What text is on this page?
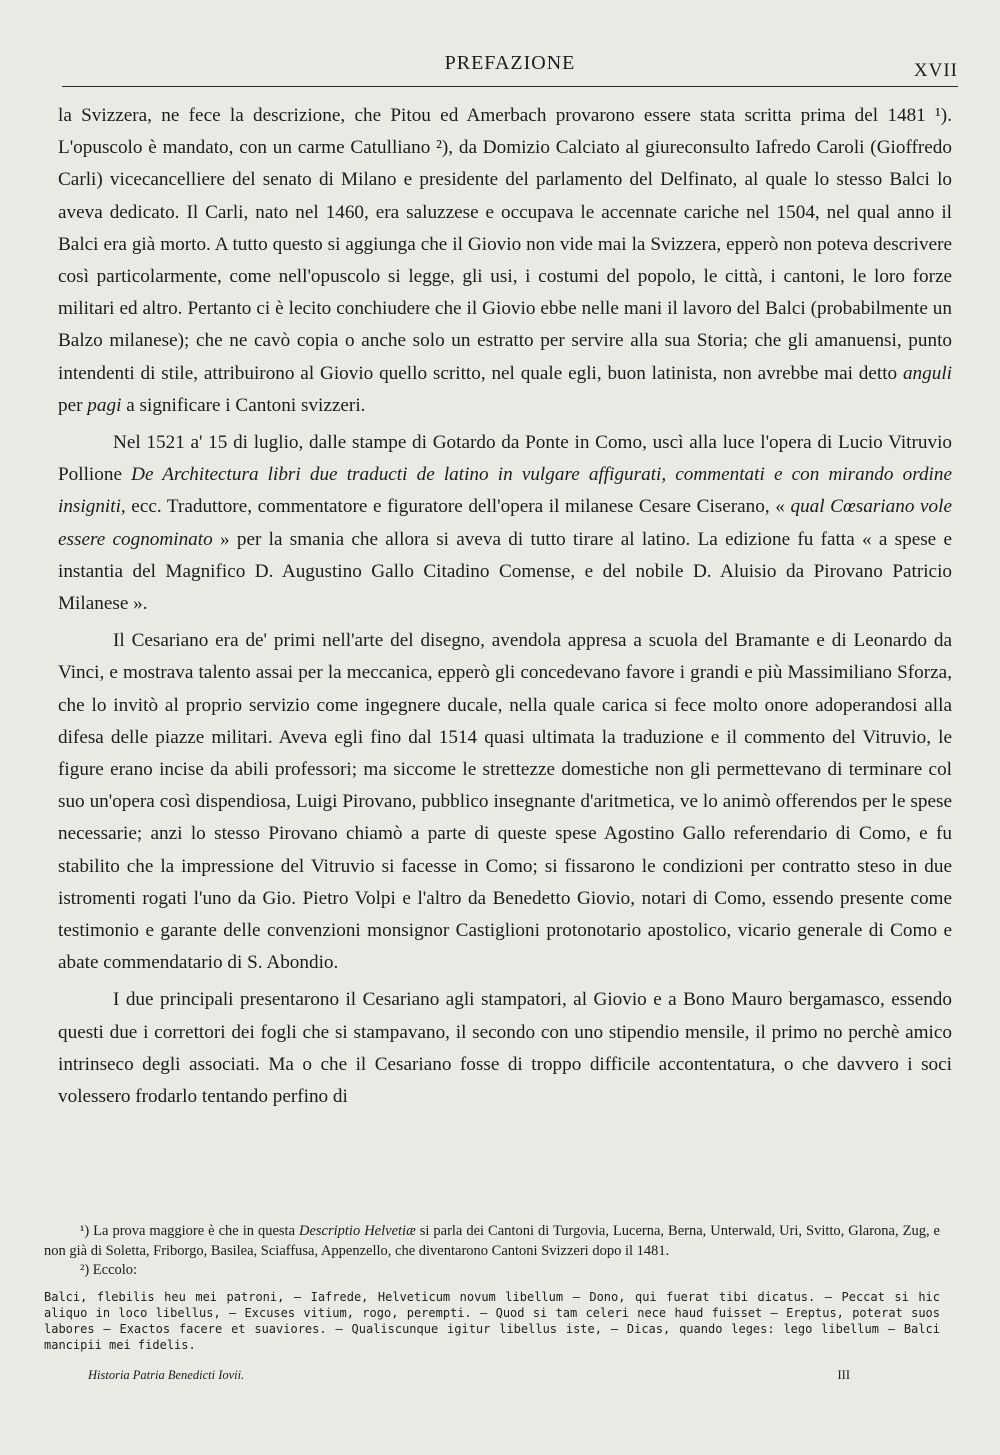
PREFAZIONE	XVII

la Svizzera, ne fece la descrizione, che Pitou ed Amerbach provarono essere stata scritta prima del 1481 ¹). L'opuscolo è mandato, con un carme Catulliano ²), da Domizio Calciato al giureconsulto Iafredo Caroli (Gioffredo Carli) vicecancelliere del senato di Milano e presidente del parlamento del Delfinato, al quale lo stesso Balci lo aveva dedicato. Il Carli, nato nel 1460, era saluzzese e occupava le accennate cariche nel 1504, nel qual anno il Balci era già morto. A tutto questo si aggiunga che il Giovio non vide mai la Svizzera, epperò non poteva descrivere così particolarmente, come nell'opuscolo si legge, gli usi, i costumi del popolo, le città, i cantoni, le loro forze militari ed altro. Pertanto ci è lecito conchiudere che il Giovio ebbe nelle mani il lavoro del Balci (probabilmente un Balzo milanese); che ne cavò copia o anche solo un estratto per servire alla sua Storia; che gli amanuensi, punto intendenti di stile, attribuirono al Giovio quello scritto, nel quale egli, buon latinista, non avrebbe mai detto anguli per pagi a significare i Cantoni svizzeri.

Nel 1521 a' 15 di luglio, dalle stampe di Gotardo da Ponte in Como, uscì alla luce l'opera di Lucio Vitruvio Pollione De Architectura libri due traducti de latino in vulgare affigurati, commentati e con mirando ordine insigniti, ecc. Traduttore, commentatore e figuratore dell'opera il milanese Cesare Ciserano, « qual Cœsariano vole essere cognominato » per la smania che allora si aveva di tutto tirare al latino. La edizione fu fatta « a spese e instantia del Magnifico D. Augustino Gallo Citadino Comense, e del nobile D. Aluisio da Pirovano Patricio Milanese ».

Il Cesariano era de' primi nell'arte del disegno, avendola appresa a scuola del Bramante e di Leonardo da Vinci, e mostrava talento assai per la meccanica, epperò gli concedevano favore i grandi e più Massimiliano Sforza, che lo invitò al proprio servizio come ingegnere ducale, nella quale carica si fece molto onore adoperandosi alla difesa delle piazze militari. Aveva egli fino dal 1514 quasi ultimata la traduzione e il commento del Vitruvio, le figure erano incise da abili professori; ma siccome le strettezze domestiche non gli permettevano di terminare col suo un'opera così dispendiosa, Luigi Pirovano, pubblico insegnante d'aritmetica, ve lo animò offerendos per le spese necessarie; anzi lo stesso Pirovano chiamò a parte di queste spese Agostino Gallo referendario di Como, e fu stabilito che la impressione del Vitruvio si facesse in Como; si fissarono le condizioni per contratto steso in due istromenti rogati l'uno da Gio. Pietro Volpi e l'altro da Benedetto Giovio, notari di Como, essendo presente come testimonio e garante delle convenzioni monsignor Castiglioni protonotario apostolico, vicario generale di Como e abate commendatario di S. Abondio.

I due principali presentarono il Cesariano agli stampatori, al Giovio e a Bono Mauro bergamasco, essendo questi due i correttori dei fogli che si stampavano, il secondo con uno stipendio mensile, il primo no perchè amico intrinseco degli associati. Ma o che il Cesariano fosse di troppo difficile accontentatura, o che davvero i soci volessero frodarlo tentando perfino di

¹) La prova maggiore è che in questa Descriptio Helvetiæ si parla dei Cantoni di Turgovia, Lucerna, Berna, Unterwald, Uri, Svitto, Glarona, Zug, e non già di Soletta, Friborgo, Basilea, Sciaffusa, Appenzello, che diventarono Cantoni Svizzeri dopo il 1481.

²) Eccolo:

Balci, flebilis heu mei patroni, — Iafrede, Helveticum novum libellum — Dono, qui fuerat tibi dicatus. — Peccat si hic aliquo in loco libellus, — Excuses vitium, rogo, perempti. — Quod si tam celeri nece haud fuisset — Ereptus, poterat suos labores — Exactos facere et suaviores. — Qualiscunque igitur libellus iste, — Dicas, quando leges: lego libellum — Balci mancipii mei fidelis.
Historia Patria Benedicti Iovii.	III
